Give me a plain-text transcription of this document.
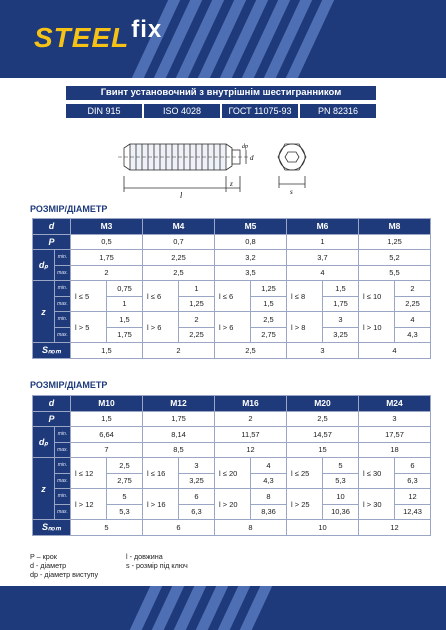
STEELfix
Гвинт установочний з внутрішнім шестигранником
DIN 915	ISO 4028	ГОСТ 11075-93	PN 82316
l
z
d
dp
s
РОЗМІР/ДІАМЕТР
d		M3		M4		M5		M6		M8	
P		0,5		0,7		0,8		1		1,25	
dₚ	min.	1,75		2,25		3,2		3,7		5,2	
	max.	2		2,5		3,5		4		5,5	
z	min.	l ≤ 5	0,75	l ≤ 6	1	l ≤ 6	1,25	l ≤ 8	1,5	l ≤ 10	2
	max.		1		1,25		1,5		1,75		2,25
	min.	l > 5	1,5	l > 6	2	l > 6	2,5	l > 8	3	l > 10	4
	max.		1,75		2,25		2,75		3,25		4,3
Sₙₒₘ		1,5		2		2,5		3		4	
РОЗМІР/ДІАМЕТР
d		M10		M12		M16		M20		M24	
P		1,5		1,75		2		2,5		3	
dₚ	min.	6,64		8,14		11,57		14,57		17,57	
	max.	7		8,5		12		15		18	
z	min.	l ≤ 12	2,5	l ≤ 16	3	l ≤ 20	4	l ≤ 25	5	l ≤ 30	6
	max.		2,75		3,25		4,3		5,3		6,3
	min.	l > 12	5	l > 16	6	l > 20	8	l > 25	10	l > 30	12
	max.		5,3		6,3		8,36		10,36		12,43
Sₙₒₘ		5		6		8		10		12	
P – крок
d - діаметр
dp - діаметр виступу
l - довжина
s - розмір під ключ
